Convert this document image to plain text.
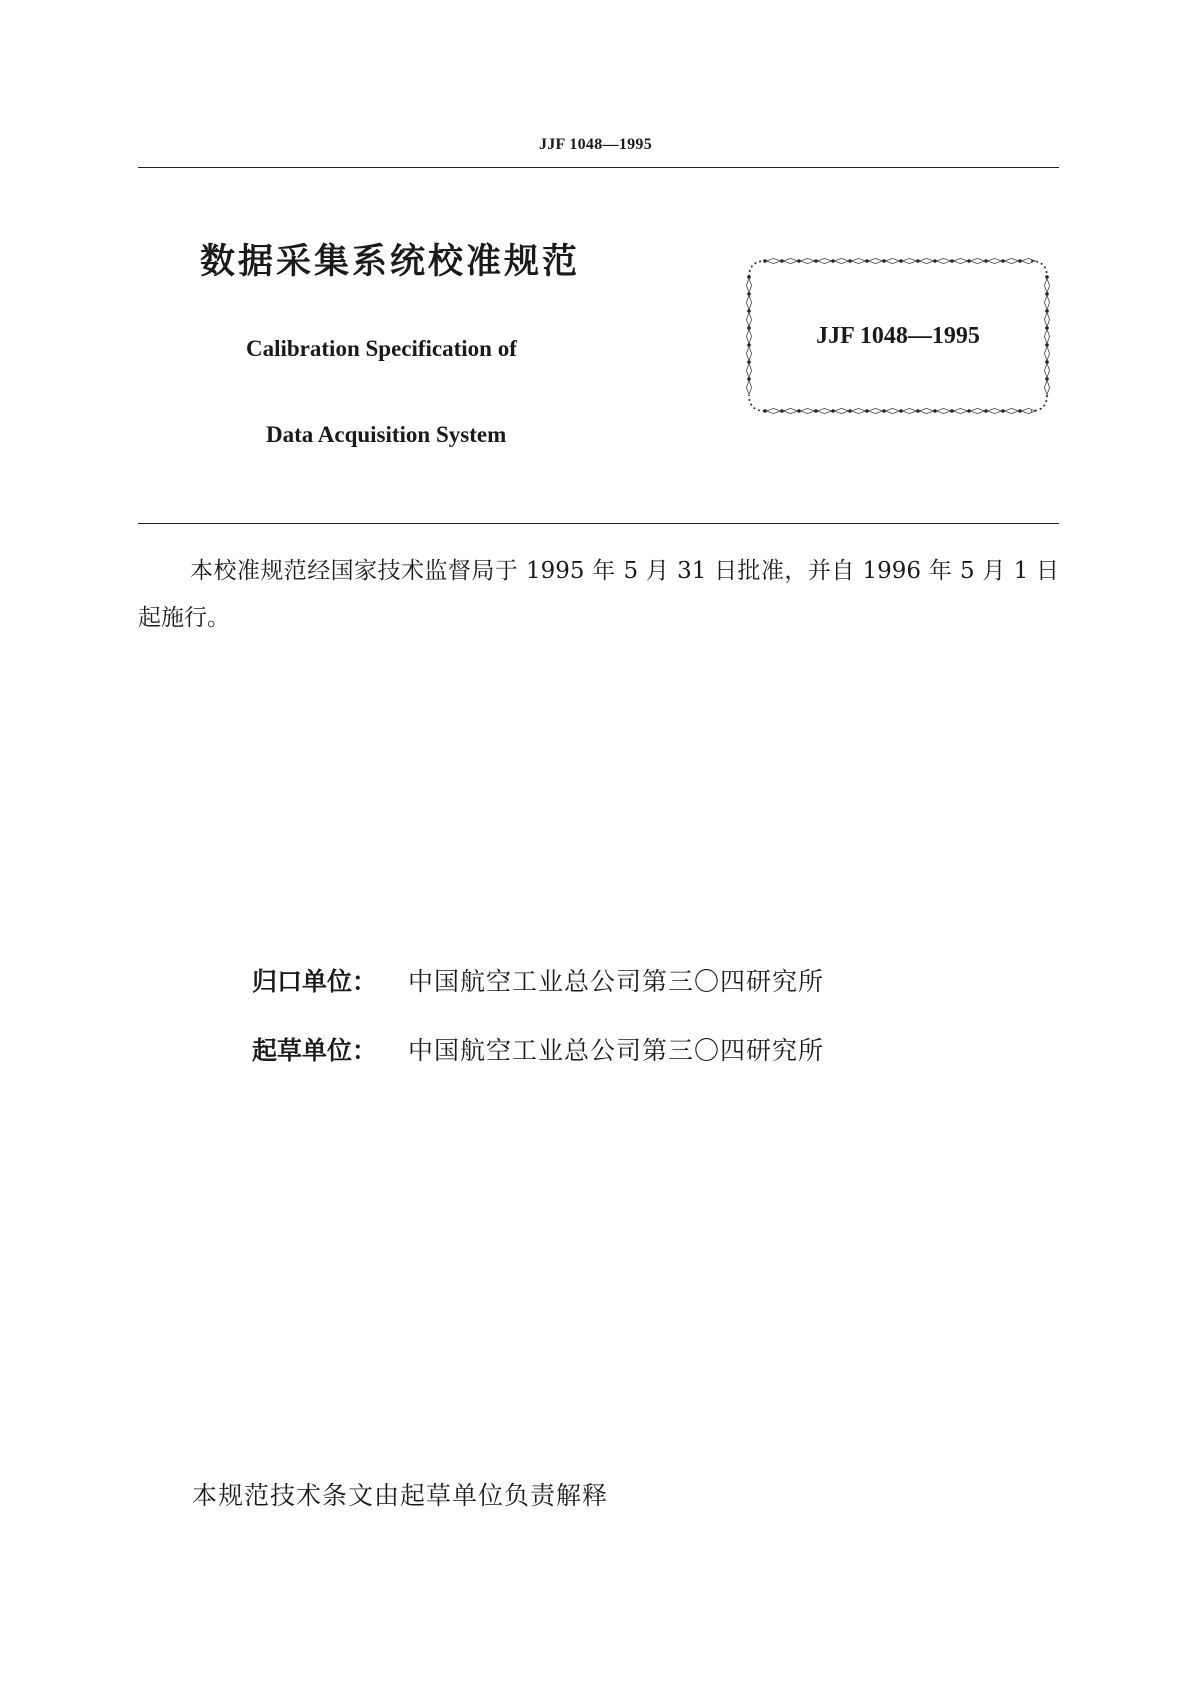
JJF 1048—1995
数据采集系统校准规范
Calibration Specification of
Data Acquisition System
JJF 1048—1995
本校准规范经国家技术监督局于 1995 年 5 月 31 日批准，并自 1996 年 5 月 1 日起施行。
归口单位： 中国航空工业总公司第三〇四研究所
起草单位： 中国航空工业总公司第三〇四研究所
本规范技术条文由起草单位负责解释
